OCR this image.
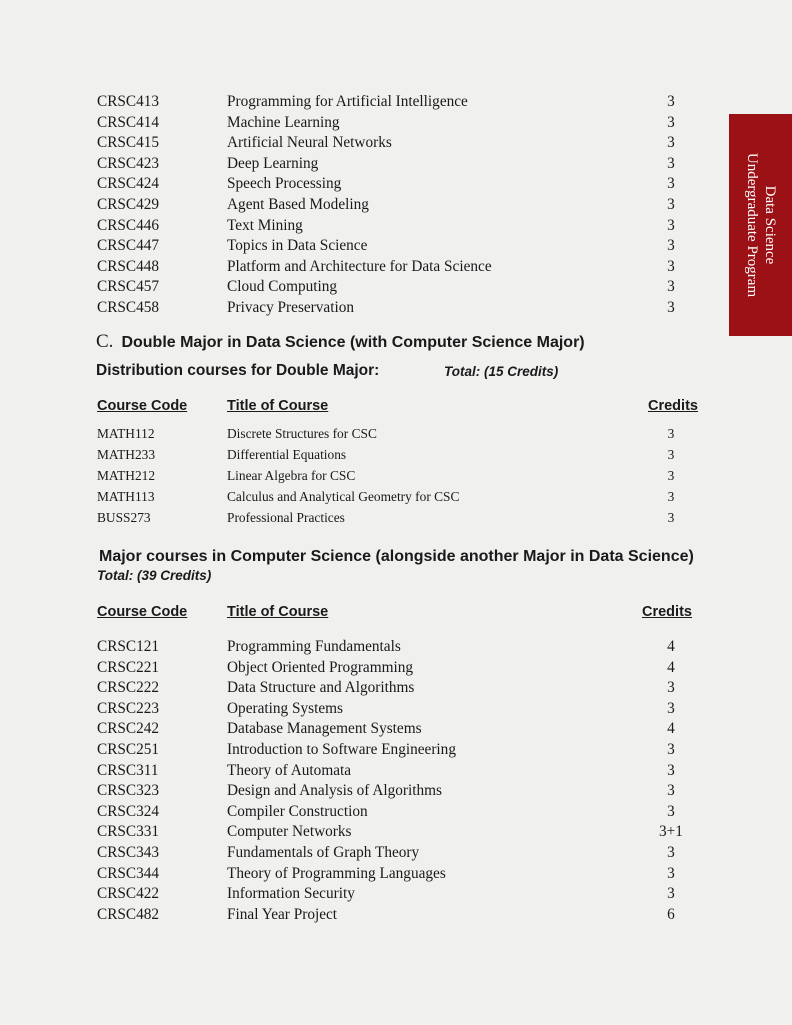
Data Science
Undergraduate Program
CRSC413	Programming for Artificial Intelligence	3
CRSC414	Machine Learning	3
CRSC415	Artificial Neural Networks	3
CRSC423	Deep Learning	3
CRSC424	Speech Processing	3
CRSC429	Agent Based Modeling	3
CRSC446	Text Mining	3
CRSC447	Topics in Data Science	3
CRSC448	Platform and Architecture for Data Science	3
CRSC457	Cloud Computing	3
CRSC458	Privacy Preservation	3
C. Double Major in Data Science (with Computer Science Major)
Distribution courses for Double Major:	Total: (15 Credits)
Course Code	Title of Course	Credits
MATH112	Discrete Structures for CSC	3
MATH233	Differential Equations	3
MATH212	Linear Algebra for CSC	3
MATH113	Calculus and Analytical Geometry for CSC	3
BUSS273	Professional Practices	3
Major courses in Computer Science (alongside another Major in Data Science)
Total: (39 Credits)
Course Code	Title of Course	Credits
CRSC121	Programming Fundamentals	4
CRSC221	Object Oriented Programming	4
CRSC222	Data Structure and Algorithms	3
CRSC223	Operating Systems	3
CRSC242	Database Management Systems	4
CRSC251	Introduction to Software Engineering	3
CRSC311	Theory of Automata	3
CRSC323	Design and Analysis of Algorithms	3
CRSC324	Compiler Construction	3
CRSC331	Computer Networks	3+1
CRSC343	Fundamentals of Graph Theory	3
CRSC344	Theory of Programming Languages	3
CRSC422	Information Security	3
CRSC482	Final Year Project	6
